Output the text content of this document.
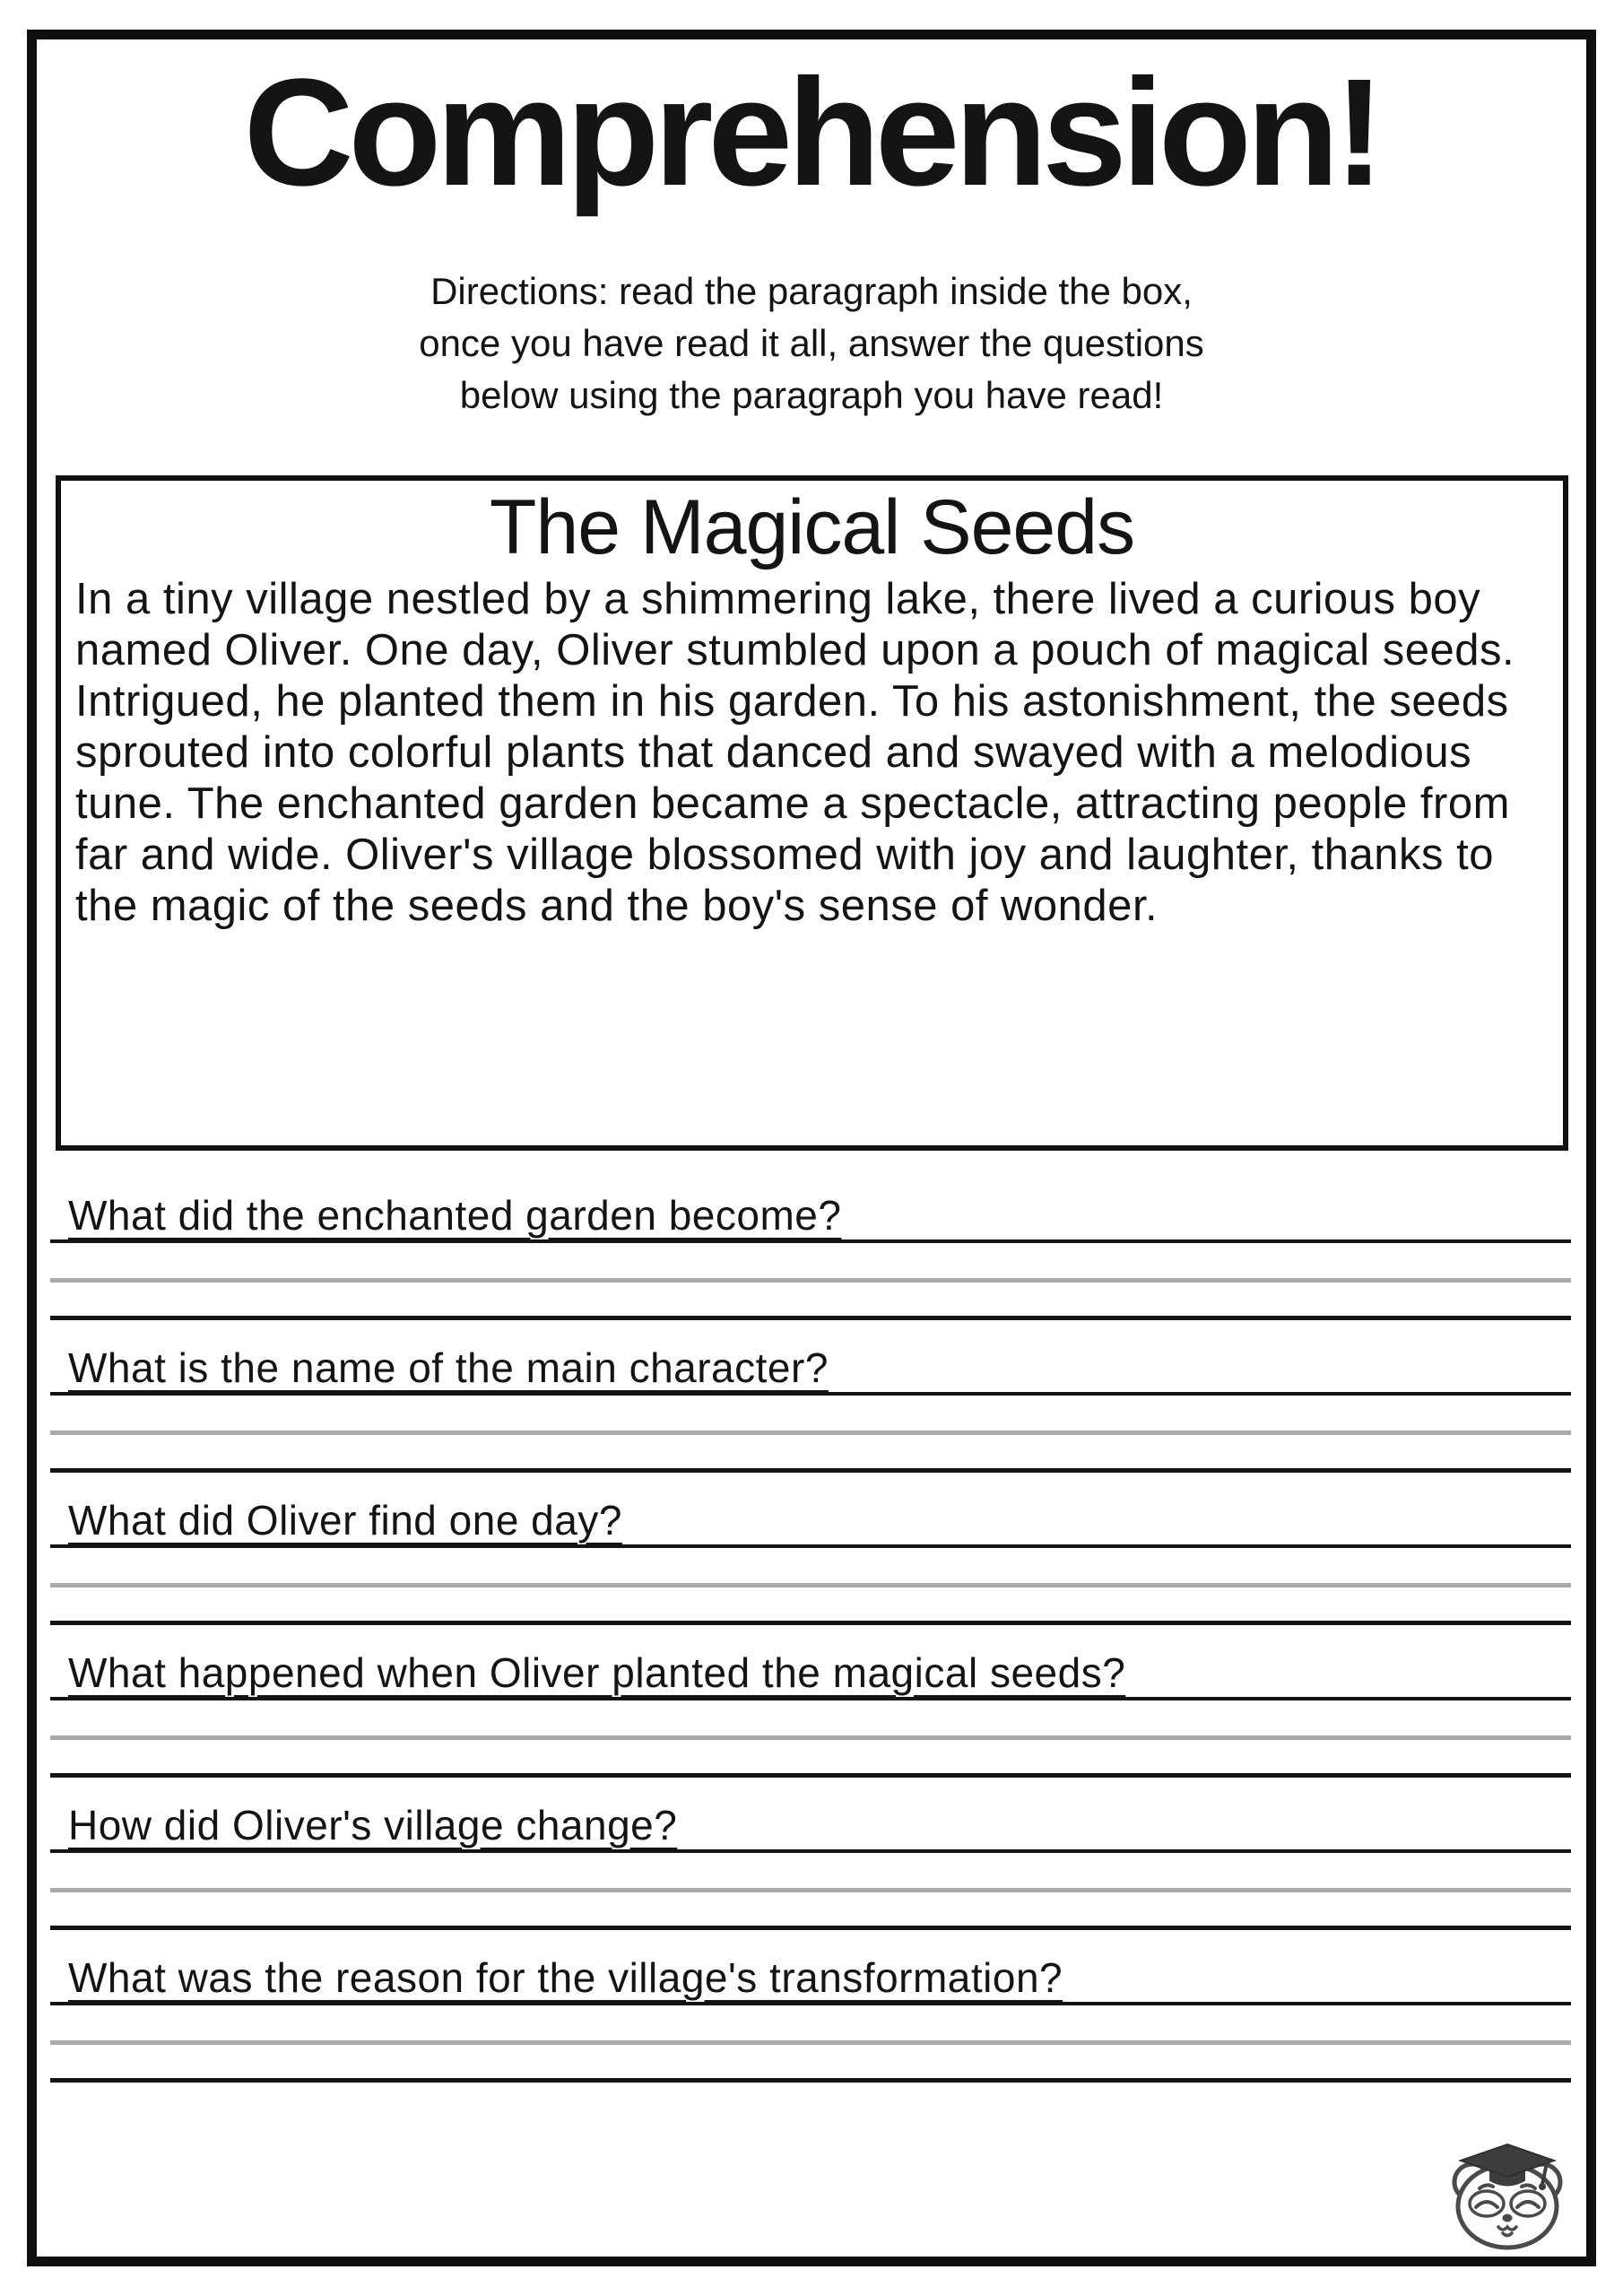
Comprehension!
Directions: read the paragraph inside the box,
once you have read it all, answer the questions
below using the paragraph you have read!
The Magical Seeds
In a tiny village nestled by a shimmering lake, there lived a curious boy named Oliver. One day, Oliver stumbled upon a pouch of magical seeds. Intrigued, he planted them in his garden. To his astonishment, the seeds sprouted into colorful plants that danced and swayed with a melodious tune. The enchanted garden became a spectacle, attracting people from far and wide. Oliver's village blossomed with joy and laughter, thanks to the magic of the seeds and the boy's sense of wonder.
What did the enchanted garden become?
What is the name of the main character?
What did Oliver find one day?
What happened when Oliver planted the magical seeds?
How did Oliver's village change?
What was the reason for the village's transformation?
